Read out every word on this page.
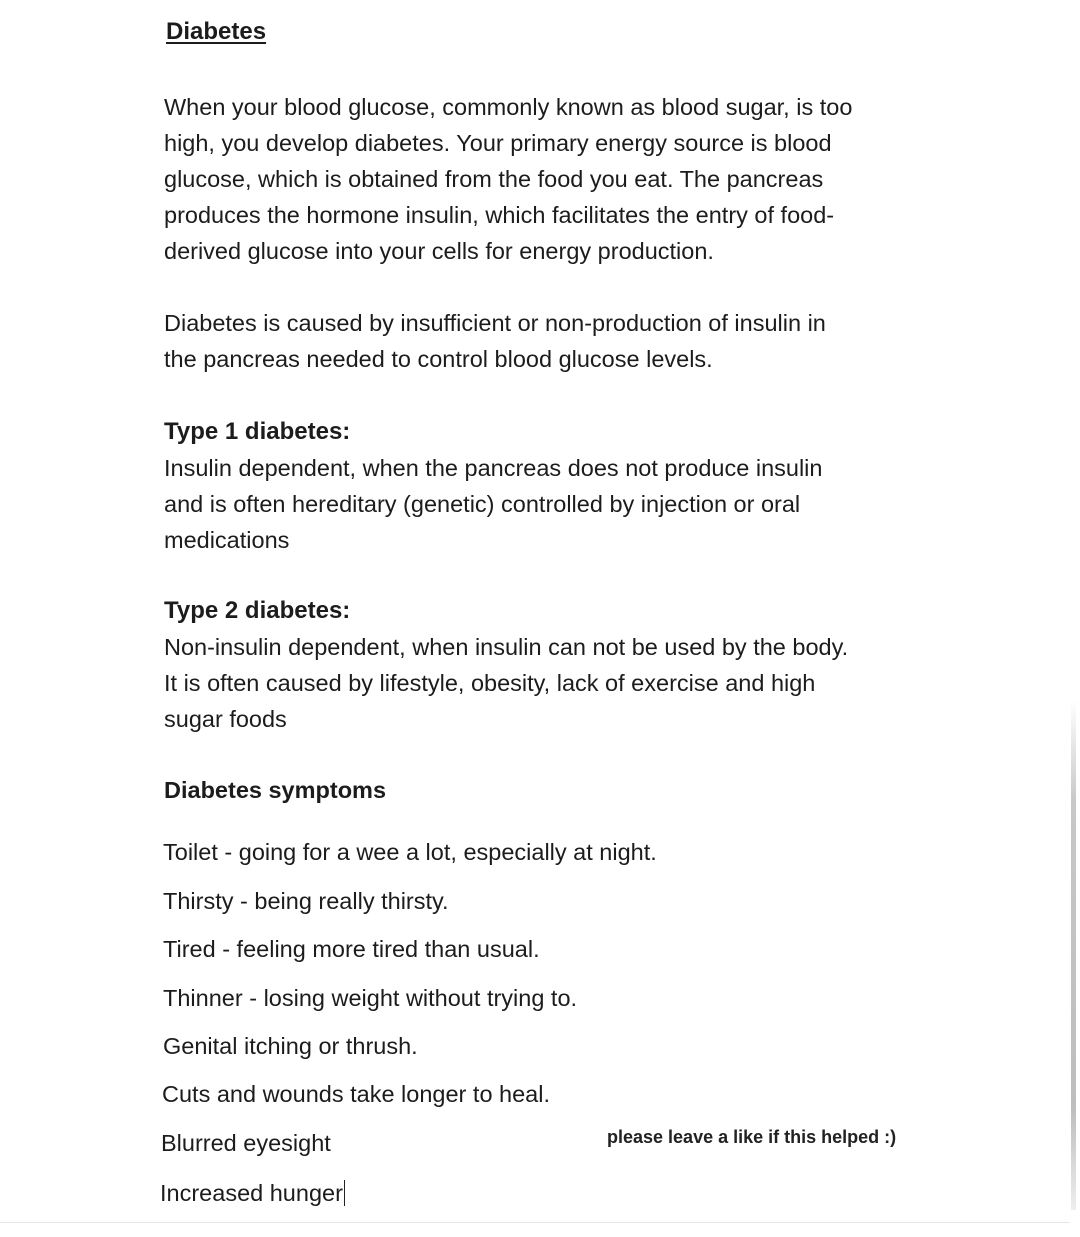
Diabetes
When your blood glucose, commonly known as blood sugar, is too
high, you develop diabetes. Your primary energy source is blood
glucose, which is obtained from the food you eat. The pancreas
produces the hormone insulin, which facilitates the entry of food-
derived glucose into your cells for energy production.
Diabetes is caused by insufficient or non-production of insulin in
the pancreas needed to control blood glucose levels.
Type 1 diabetes:
Insulin dependent, when the pancreas does not produce insulin
and is often hereditary (genetic) controlled by injection or oral
medications
Type 2 diabetes:
Non-insulin dependent, when insulin can not be used by the body.
It is often caused by lifestyle, obesity, lack of exercise and high
sugar foods
Diabetes symptoms
Toilet - going for a wee a lot, especially at night.
Thirsty - being really thirsty.
Tired - feeling more tired than usual.
Thinner - losing weight without trying to.
Genital itching or thrush.
Cuts and wounds take longer to heal.
Blurred eyesight
Increased hunger
please leave a like if this helped :)
